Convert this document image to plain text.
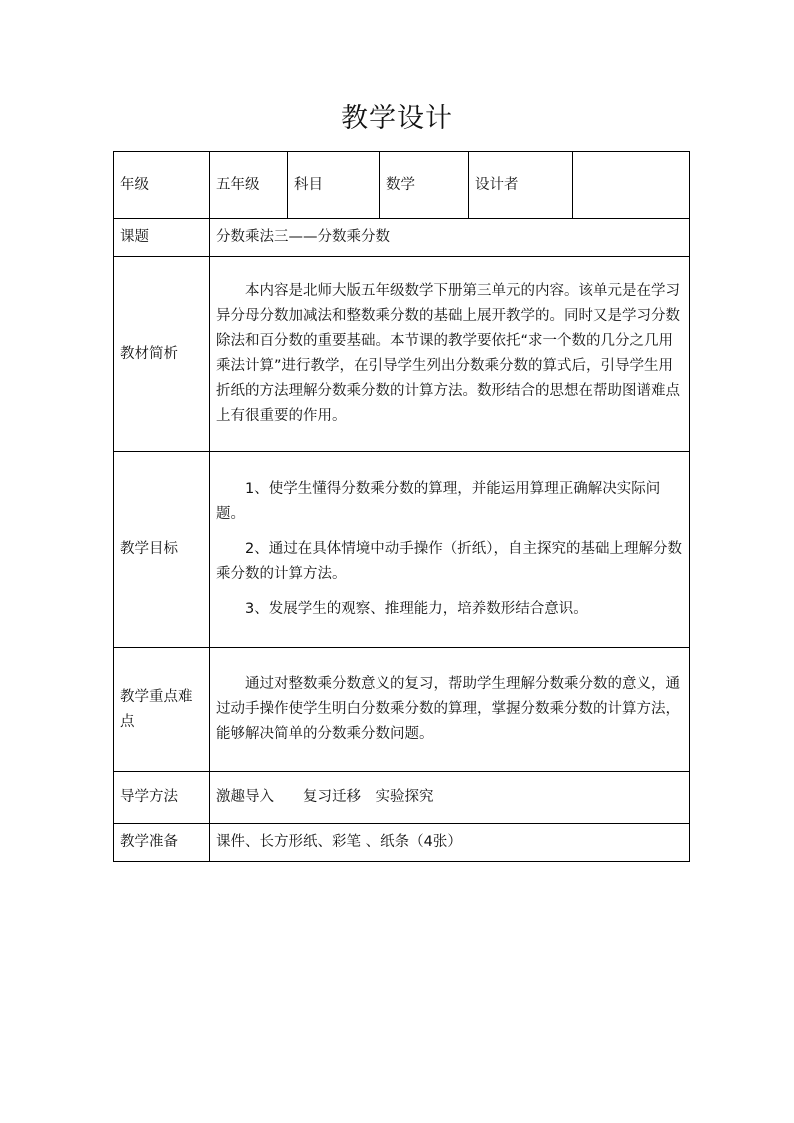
教学设计
年级	五年级	科目	数学	设计者	
课题	分数乘法三——分数乘分数				
教材简析	本内容是北师大版五年级数学下册第三单元的内容。该单元是在学习异分母分数加减法和整数乘分数的基础上展开教学的。同时又是学习分数除法和百分数的重要基础。本节课的教学要依托“求一个数的几分之几用乘法计算”进行教学，在引导学生列出分数乘分数的算式后，引导学生用折纸的方法理解分数乘分数的计算方法。数形结合的思想在帮助图谱难点上有很重要的作用。				

教学目标	1、使学生懂得分数乘分数的算理，并能运用算理正确解决实际问题。

2、通过在具体情境中动手操作（折纸），自主探究的基础上理解分数乘分数的计算方法。

3、发展学生的观察、推理能力，培养数形结合意识。				

教学重点难点	通过对整数乘分数意义的复习，帮助学生理解分数乘分数的意义，通过动手操作使学生明白分数乘分数的算理，掌握分数乘分数的计算方法，能够解决简单的分数乘分数问题。				

导学方法	激趣导入　　复习迁移　实验探究				
教学准备	课件、长方形纸、彩笔 、纸条（4张）				
